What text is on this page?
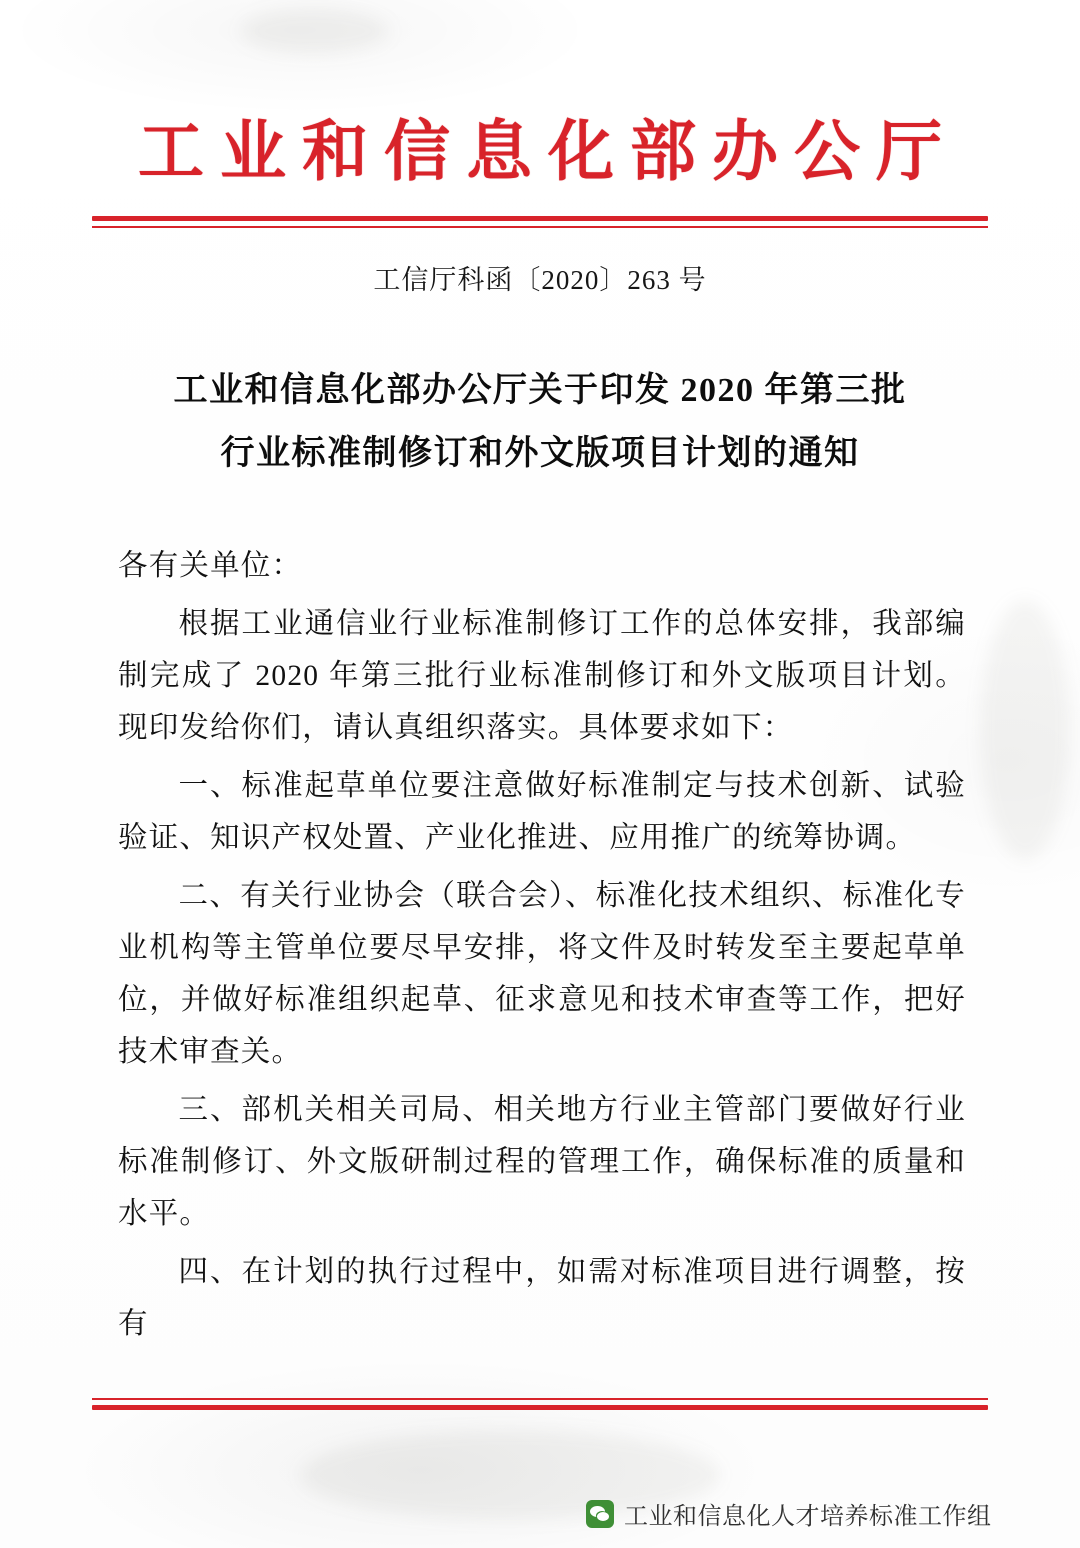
工业和信息化部办公厅
工信厅科函〔2020〕263 号
工业和信息化部办公厅关于印发 2020 年第三批
行业标准制修订和外文版项目计划的通知

各有关单位：

根据工业通信业行业标准制修订工作的总体安排，我部编制完成了 2020 年第三批行业标准制修订和外文版项目计划。现印发给你们，请认真组织落实。具体要求如下：

一、标准起草单位要注意做好标准制定与技术创新、试验验证、知识产权处置、产业化推进、应用推广的统筹协调。

二、有关行业协会（联合会）、标准化技术组织、标准化专业机构等主管单位要尽早安排，将文件及时转发至主要起草单位，并做好标准组织起草、征求意见和技术审查等工作，把好技术审查关。

三、部机关相关司局、相关地方行业主管部门要做好行业标准制修订、外文版研制过程的管理工作，确保标准的质量和水平。

四、在计划的执行过程中，如需对标准项目进行调整，按有

工业和信息化人才培养标准工作组
